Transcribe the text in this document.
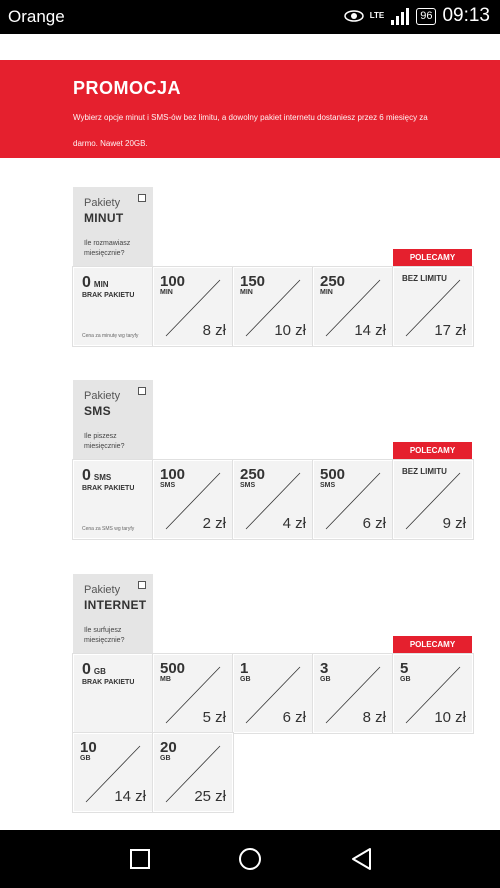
Orange	LTE	96 09:13
PROMOCJA

Wybierz opcje minut i SMS-ów bez limitu, a dowolny pakiet internetu dostaniesz przez 6 miesięcy za darmo. Nawet 20GB.

Pakiety
MINUT
Ile rozmawiasz miesięcznie?	POLECAMY
0 MIN
BRAK PAKIETU
Cena za minutę wg taryfy
100
MIN
8 zł
150
MIN
10 zł
250
MIN
14 zł
BEZ LIMITU
17 zł
Pakiety
SMS
Ile piszesz miesięcznie?	POLECAMY
0 SMS
BRAK PAKIETU
Cena za SMS wg taryfy
100
SMS
2 zł
250
SMS
4 zł
500
SMS
6 zł
BEZ LIMITU
9 zł
Pakiety
INTERNET
Ile surfujesz miesięcznie?	POLECAMY
0 GB
BRAK PAKIETU
500
MB
5 zł
1
GB
6 zł
3
GB
8 zł
5
GB
10 zł
10
GB
14 zł
20
GB
25 zł
